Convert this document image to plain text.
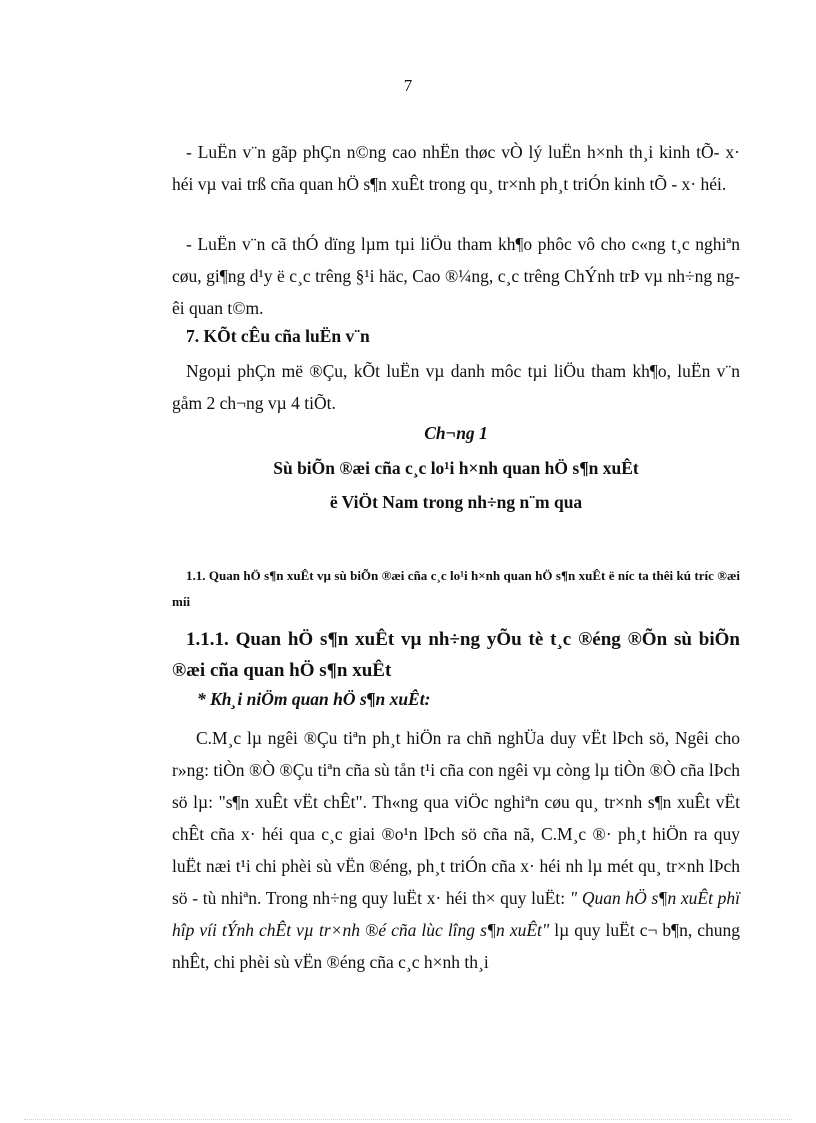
7
- LuËn v¨n gãp phÇn n©ng cao nhËn thøc vÒ lý luËn h×nh th¸i kinh tÕ- x· héi vµ vai trß cña quan hÖ s¶n xuÊt trong qu¸ tr×nh ph¸t triÓn kinh tÕ - x· héi.
- LuËn v¨n cã thÓ dïng lµm tµi liÖu tham kh¶o phôc vô cho c«ng t¸c nghiªn cøu, gi¶ng d¹y ë c¸c trêng §¹i häc, Cao ®¼ng, c¸c trêng ChÝnh trÞ vµ nh÷ng ngêi quan t©m.
7. KÕt cÊu cña luËn v¨n
Ngoµi phÇn më ®Çu, kÕt luËn vµ danh môc tµi liÖu tham kh¶o, luËn v¨n gåm 2 ch¬ng vµ 4 tiÕt.
Ch¬ng 1
Sù biÕn ®æi cña c¸c lo¹i h×nh quan hÖ s¶n xuÊt
ë ViÖt Nam trong nh÷ng n¨m qua
1.1. Quan hÖ s¶n xuÊt vµ sù biÕn ®æi cña c¸c lo¹i h×nh quan hÖ s¶n xuÊt ë níc ta thêi kú tríc ®æi míi
1.1.1. Quan hÖ s¶n xuÊt vµ nh÷ng yÕu tè t¸c ®éng ®Õn sù biÕn ®æi cña quan hÖ s¶n xuÊt
* Kh¸i niÖm quan hÖ s¶n xuÊt:
C.M¸c lµ ngêi ®Çu tiªn ph¸t hiÖn ra chñ nghÜa duy vËt lÞch sö, Ngêi cho r»ng: tiÒn ®Ò ®Çu tiªn cña sù tån t¹i cña con ngêi vµ còng lµ tiÒn ®Ò cña lÞch sö lµ: "s¶n xuÊt vËt chÊt". Th«ng qua viÖc nghiªn cøu qu¸ tr×nh s¶n xuÊt vËt chÊt cña x· héi qua c¸c giai ®o¹n lÞch sö cña nã, C.M¸c ®· ph¸t hiÖn ra quy luËt næi t¹i chi phèi sù vËn ®éng, ph¸t triÓn cña x· héi nh lµ mét qu¸ tr×nh lÞch sö - tù nhiªn. Trong nh÷ng quy luËt x· héi th× quy luËt: " Quan hÖ s¶n xuÊt phï hîp víi tÝnh chÊt vµ tr×nh ®é cña lùc lîng s¶n xuÊt" lµ quy luËt c¬ b¶n, chung nhÊt, chi phèi sù vËn ®éng cña c¸c h×nh th¸i
